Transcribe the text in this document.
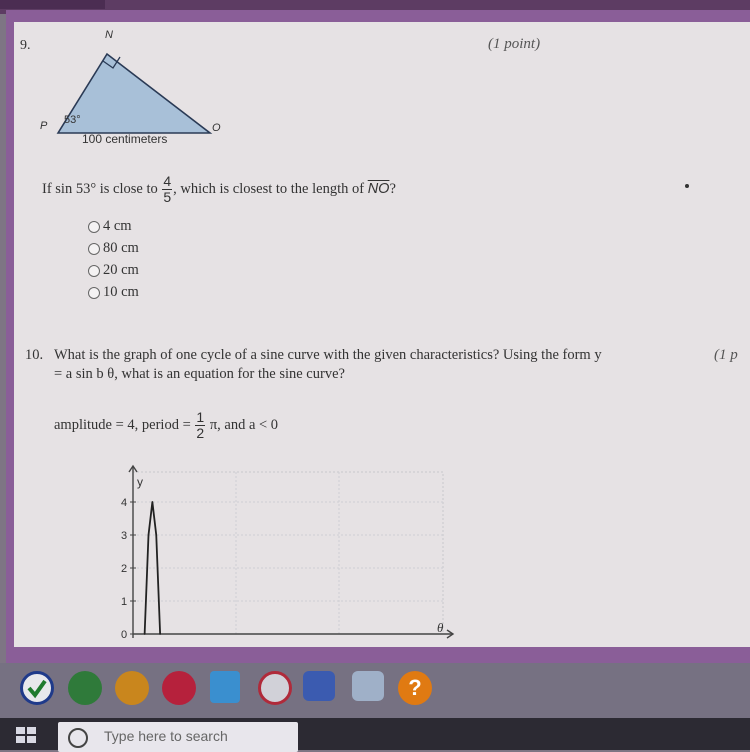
9.	(1 point)
N
P	O
53°
100 centimeters
If sin 53° is close to $\frac{4}{5}$ , which is closest to the length of $\overline{NO}$?
4 cm
80 cm
20 cm
10 cm
10. What is the graph of one cycle of a sine curve with the given characteristics? Using the form y	(1 p
= a sin b θ, what is an equation for the sine curve?
amplitude = 4, period = $\frac{1}{2} \pi$, and a < 0
4
3
2
1
0
y
θ
?
Type here to search
